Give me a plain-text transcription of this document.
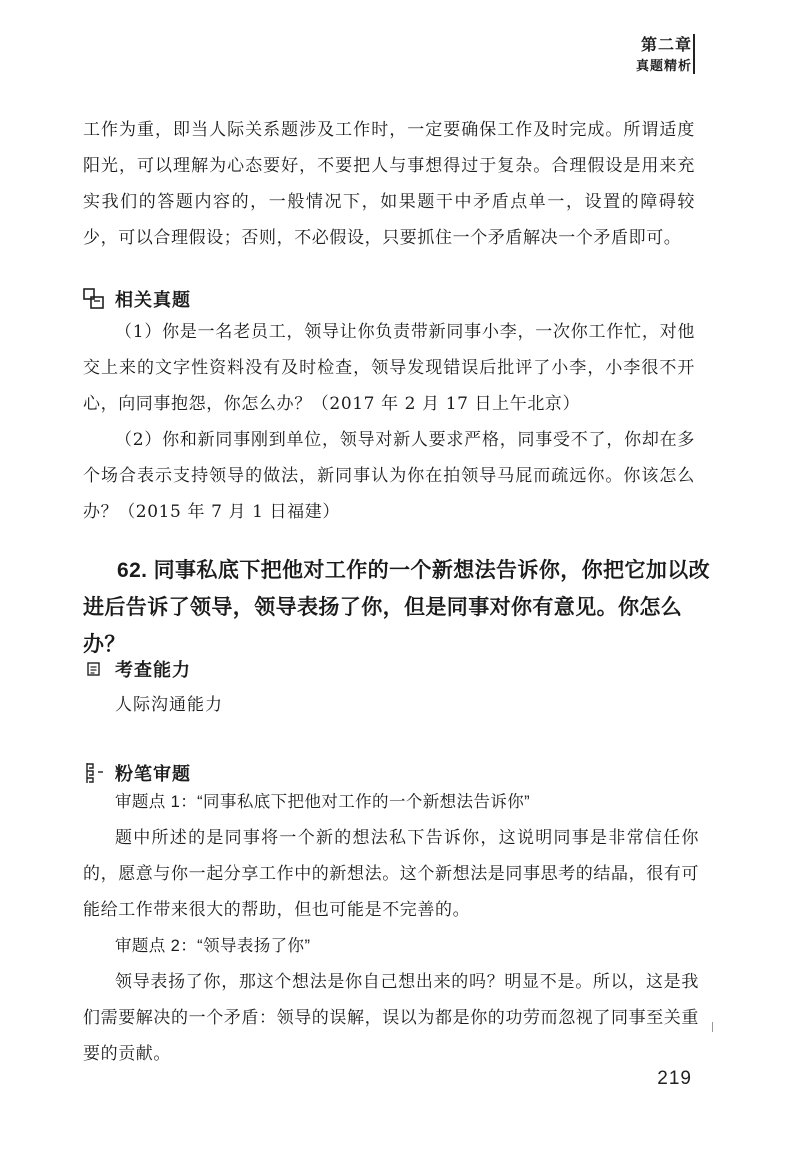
第二章
真题精析

工作为重，即当人际关系题涉及工作时，一定要确保工作及时完成。所谓适度阳光，可以理解为心态要好，不要把人与事想得过于复杂。合理假设是用来充实我们的答题内容的，一般情况下，如果题干中矛盾点单一，设置的障碍较少，可以合理假设；否则，不必假设，只要抓住一个矛盾解决一个矛盾即可。

相关真题

（1）你是一名老员工，领导让你负责带新同事小李，一次你工作忙，对他交上来的文字性资料没有及时检查，领导发现错误后批评了小李，小李很不开心，向同事抱怨，你怎么办？（2017 年 2 月 17 日上午北京）

（2）你和新同事刚到单位，领导对新人要求严格，同事受不了，你却在多个场合表示支持领导的做法，新同事认为你在拍领导马屁而疏远你。你该怎么办？（2015 年 7 月 1 日福建）

62. 同事私底下把他对工作的一个新想法告诉你，你把它加以改进后告诉了领导，领导表扬了你，但是同事对你有意见。你怎么办？

考查能力
人际沟通能力
粉笔审题

审题点 1：“同事私底下把他对工作的一个新想法告诉你”

题中所述的是同事将一个新的想法私下告诉你，这说明同事是非常信任你的，愿意与你一起分享工作中的新想法。这个新想法是同事思考的结晶，很有可能给工作带来很大的帮助，但也可能是不完善的。

审题点 2：“领导表扬了你”

领导表扬了你，那这个想法是你自己想出来的吗？明显不是。所以，这是我们需要解决的一个矛盾：领导的误解，误以为都是你的功劳而忽视了同事至关重要的贡献。

219
